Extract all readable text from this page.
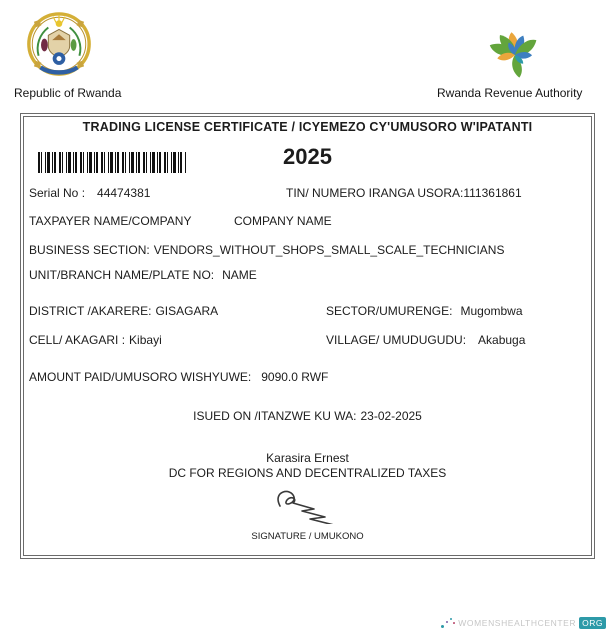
Republic of Rwanda	Rwanda Revenue Authority
TRADING LICENSE CERTIFICATE / ICYEMEZO CY'UMUSORO W'IPATANTI
2025
Serial No : 44474381	TIN/ NUMERO IRANGA USORA:111361861
TAXPAYER NAME/COMPANY	COMPANY NAME
BUSINESS SECTION: VENDORS_WITHOUT_SHOPS_SMALL_SCALE_TECHNICIANS
UNIT/BRANCH NAME/PLATE NO: NAME
DISTRICT /AKARERE: GISAGARA	SECTOR/UMURENGE: Mugombwa
CELL/ AKAGARI : Kibayi	VILLAGE/ UMUDUGUDU: Akabuga
AMOUNT PAID/UMUSORO WISHYUWE: 9090.0 RWF
ISUED ON /ITANZWE KU WA: 23-02-2025
Karasira Ernest
DC FOR REGIONS AND DECENTRALIZED TAXES
SIGNATURE / UMUKONO
WOMENSHEALTHCENTER ORG
